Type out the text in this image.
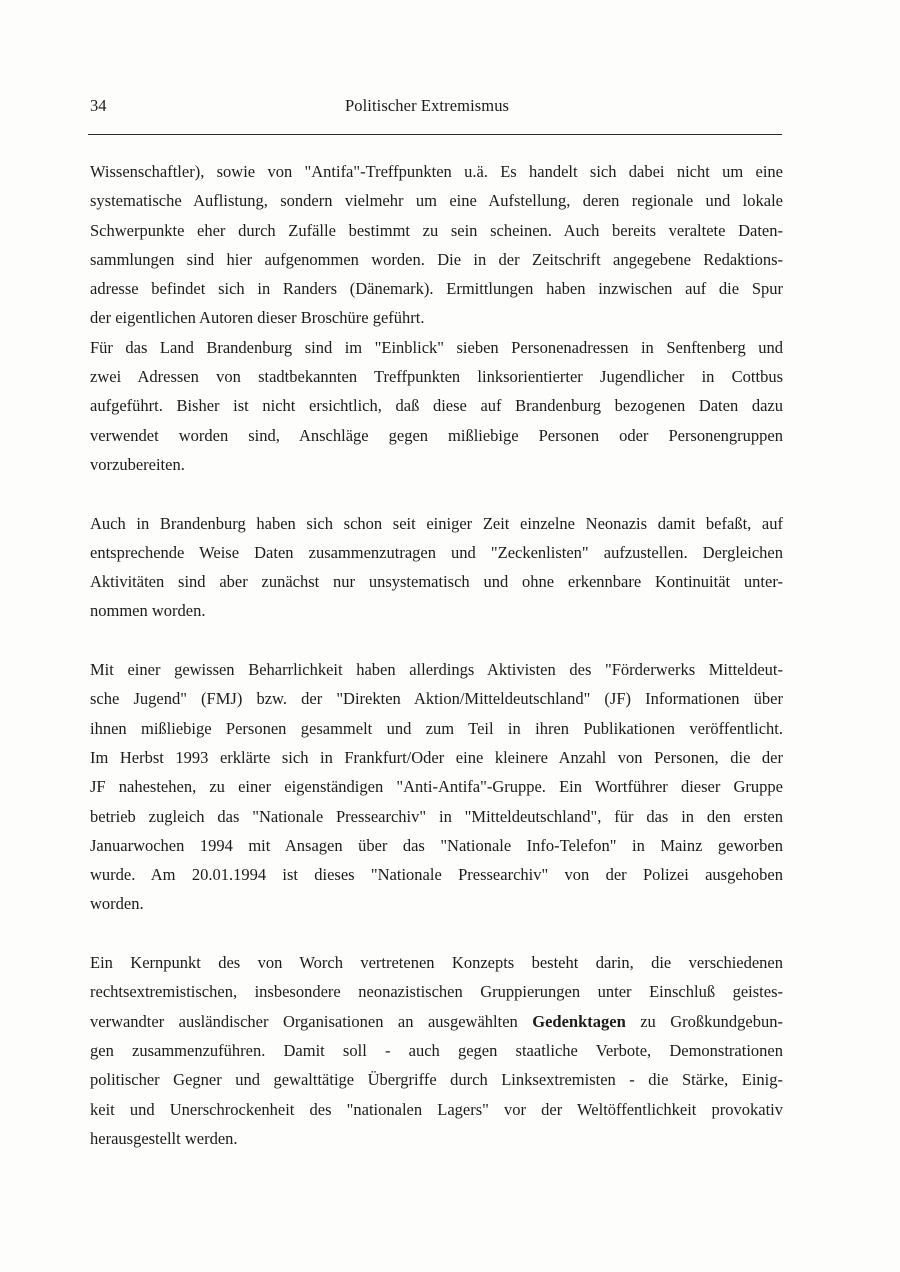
34	Politischer Extremismus

Wissenschaftler), sowie von "Antifa"-Treffpunkten u.ä. Es handelt sich dabei nicht um eine
systematische Auflistung, sondern vielmehr um eine Aufstellung, deren regionale und lokale
Schwerpunkte eher durch Zufälle bestimmt zu sein scheinen. Auch bereits veraltete Daten-
sammlungen sind hier aufgenommen worden. Die in der Zeitschrift angegebene Redaktions-
adresse befindet sich in Randers (Dänemark). Ermittlungen haben inzwischen auf die Spur
der eigentlichen Autoren dieser Broschüre geführt.

Für das Land Brandenburg sind im "Einblick" sieben Personenadressen in Senftenberg und
zwei Adressen von stadtbekannten Treffpunkten linksorientierter Jugendlicher in Cottbus
aufgeführt. Bisher ist nicht ersichtlich, daß diese auf Brandenburg bezogenen Daten dazu
verwendet worden sind, Anschläge gegen mißliebige Personen oder Personengruppen
vorzubereiten.

Auch in Brandenburg haben sich schon seit einiger Zeit einzelne Neonazis damit befaßt, auf
entsprechende Weise Daten zusammenzutragen und "Zeckenlisten" aufzustellen. Dergleichen
Aktivitäten sind aber zunächst nur unsystematisch und ohne erkennbare Kontinuität unter-
nommen worden.

Mit einer gewissen Beharrlichkeit haben allerdings Aktivisten des "Förderwerks Mitteldeut-
sche Jugend" (FMJ) bzw. der "Direkten Aktion/Mitteldeutschland" (JF) Informationen über
ihnen mißliebige Personen gesammelt und zum Teil in ihren Publikationen veröffentlicht.
Im Herbst 1993 erklärte sich in Frankfurt/Oder eine kleinere Anzahl von Personen, die der
JF nahestehen, zu einer eigenständigen "Anti-Antifa"-Gruppe. Ein Wortführer dieser Gruppe
betrieb zugleich das "Nationale Pressearchiv" in "Mitteldeutschland", für das in den ersten
Januarwochen 1994 mit Ansagen über das "Nationale Info-Telefon" in Mainz geworben
wurde. Am 20.01.1994 ist dieses "Nationale Pressearchiv" von der Polizei ausgehoben
worden.

Ein Kernpunkt des von Worch vertretenen Konzepts besteht darin, die verschiedenen
rechtsextremistischen, insbesondere neonazistischen Gruppierungen unter Einschluß geistes-
verwandter ausländischer Organisationen an ausgewählten Gedenktagen zu Großkundgebun-
gen zusammenzuführen. Damit soll - auch gegen staatliche Verbote, Demonstrationen
politischer Gegner und gewalttätige Übergriffe durch Linksextremisten - die Stärke, Einig-
keit und Unerschrockenheit des "nationalen Lagers" vor der Weltöffentlichkeit provokativ
herausgestellt werden.
